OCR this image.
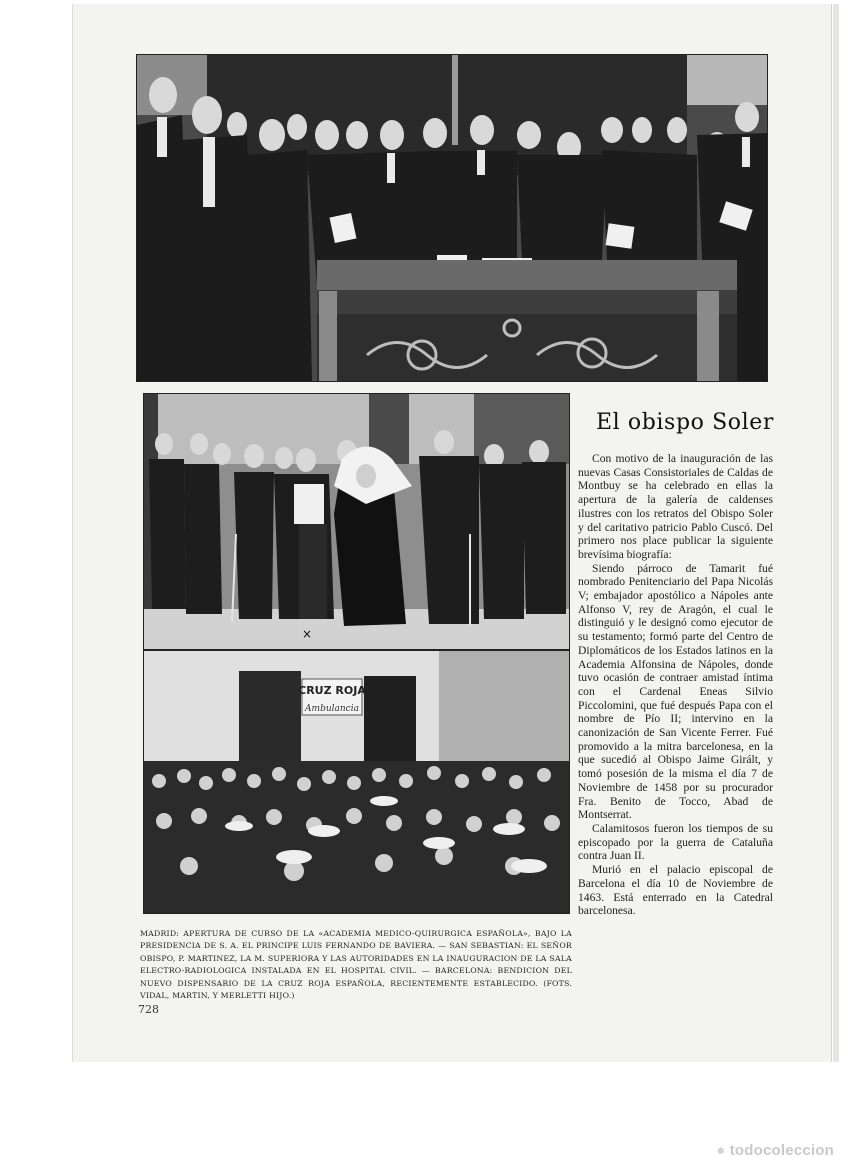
×
CRUZ ROJA
Ambulancia
MADRID: APERTURA DE CURSO DE LA «ACADEMIA MEDICO-QUIRURGICA ESPAÑOLA», BAJO LA PRESIDENCIA DE S. A. EL PRINCIPE LUIS FERNANDO DE BAVIERA. — SAN SEBASTIAN: EL SEÑOR OBISPO, P. MARTINEZ, LA M. SUPERIORA Y LAS AUTORIDADES EN LA INAUGURACION DE LA SALA ELECTRO-RADIOLOGICA INSTALADA EN EL HOSPITAL CIVIL. — BARCELONA: BENDICION DEL NUEVO DISPENSARIO DE LA CRUZ ROJA ESPAÑOLA, RECIENTEMENTE ESTABLECIDO. (FOTS. VIDAL, MARTIN, Y MERLETTI HIJO.)
728
El obispo Soler

Con motivo de la inauguración de las nuevas Casas Consistoriales de Caldas de Montbuy se ha celebrado en ellas la apertura de la galería de caldenses ilustres con los retratos del Obispo Soler y del caritativo patricio Pablo Cuscó. Del primero nos place publicar la siguiente brevísima biografía:

Siendo párroco de Tamarit fué nombrado Penitenciario del Papa Nicolás V; embajador apostólico a Nápoles ante Alfonso V, rey de Aragón, el cual le distinguió y le designó como ejecutor de su testamento; formó parte del Centro de Diplomáticos de los Estados latinos en la Academia Alfonsina de Nápoles, donde tuvo ocasión de contraer amistad íntima con el Cardenal Eneas Silvio Piccolomini, que fué después Papa con el nombre de Pío II; intervino en la canonización de San Vicente Ferrer. Fué promovido a la mitra barcelonesa, en la que sucedió al Obispo Jaime Girált, y tomó posesión de la misma el día 7 de Noviembre de 1458 por su procurador Fra. Benito de Tocco, Abad de Montserrat.

Calamitosos fueron los tiempos de su episcopado por la guerra de Cataluña contra Juan II.

Murió en el palacio episcopal de Barcelona el día 10 de Noviembre de 1463. Está enterrado en la Catedral barcelonesa.

● todocoleccion
